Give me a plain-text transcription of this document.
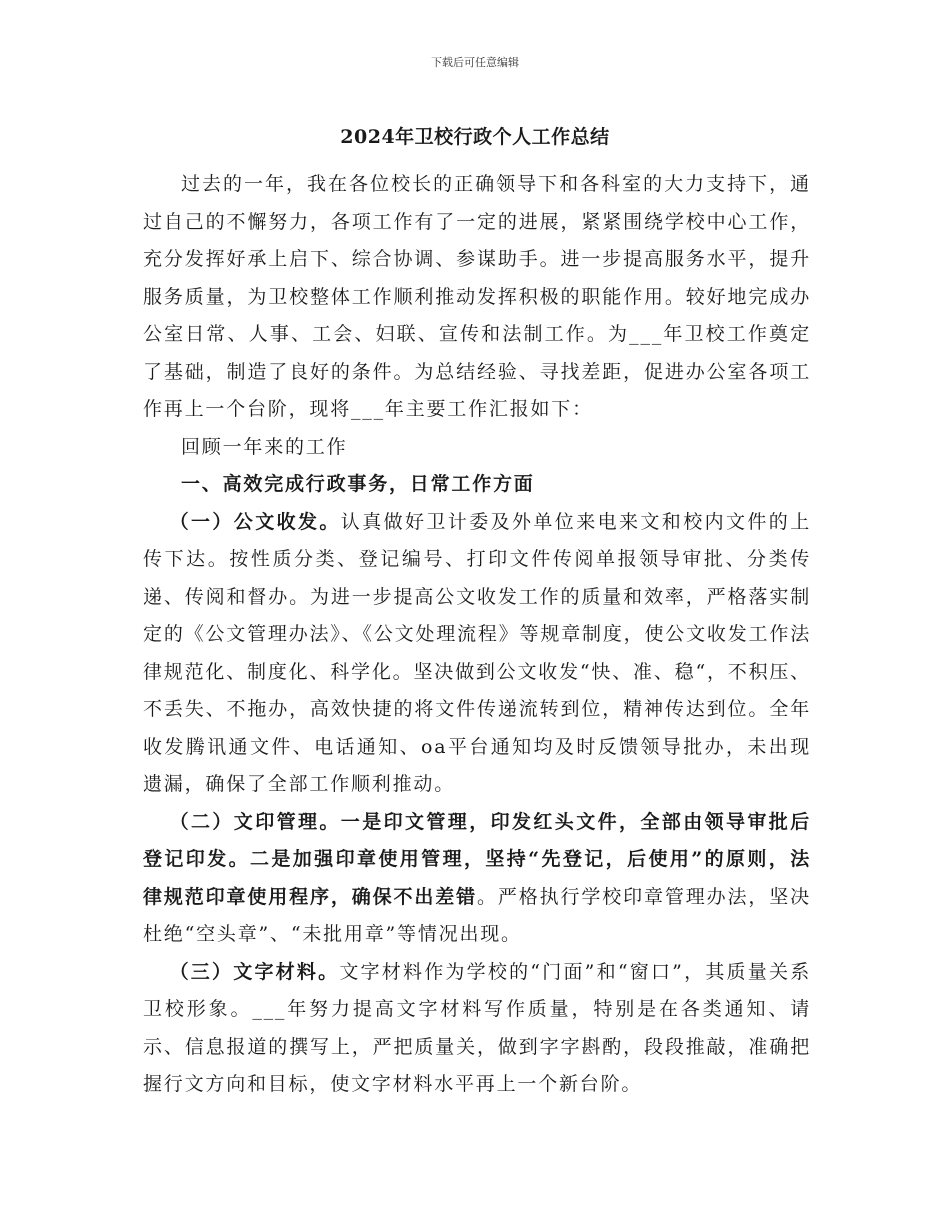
下载后可任意编辑
2024年卫校行政个人工作总结

过去的一年，我在各位校长的正确领导下和各科室的大力支持下，通过自己的不懈努力，各项工作有了一定的进展，紧紧围绕学校中心工作，充分发挥好承上启下、综合协调、参谋助手。进一步提高服务水平，提升服务质量，为卫校整体工作顺利推动发挥积极的职能作用。较好地完成办公室日常、人事、工会、妇联、宣传和法制工作。为___年卫校工作奠定了基础，制造了良好的条件。为总结经验、寻找差距，促进办公室各项工作再上一个台阶，现将___年主要工作汇报如下：

回顾一年来的工作

一、高效完成行政事务，日常工作方面

（一）公文收发。认真做好卫计委及外单位来电来文和校内文件的上传下达。按性质分类、登记编号、打印文件传阅单报领导审批、分类传递、传阅和督办。为进一步提高公文收发工作的质量和效率，严格落实制定的《公文管理办法》、《公文处理流程》等规章制度，使公文收发工作法律规范化、制度化、科学化。坚决做到公文收发“快、准、稳“，不积压、不丢失、不拖办，高效快捷的将文件传递流转到位，精神传达到位。全年收发腾讯通文件、电话通知、oa平台通知均及时反馈领导批办，未出现遗漏，确保了全部工作顺利推动。

（二）文印管理。一是印文管理，印发红头文件，全部由领导审批后登记印发。二是加强印章使用管理，坚持“先登记，后使用”的原则，法律规范印章使用程序，确保不出差错。严格执行学校印章管理办法，坚决杜绝“空头章”、“未批用章”等情况出现。

（三）文字材料。文字材料作为学校的“门面”和“窗口”，其质量关系卫校形象。___年努力提高文字材料写作质量，特别是在各类通知、请示、信息报道的撰写上，严把质量关，做到字字斟酌，段段推敲，准确把握行文方向和目标，使文字材料水平再上一个新台阶。
